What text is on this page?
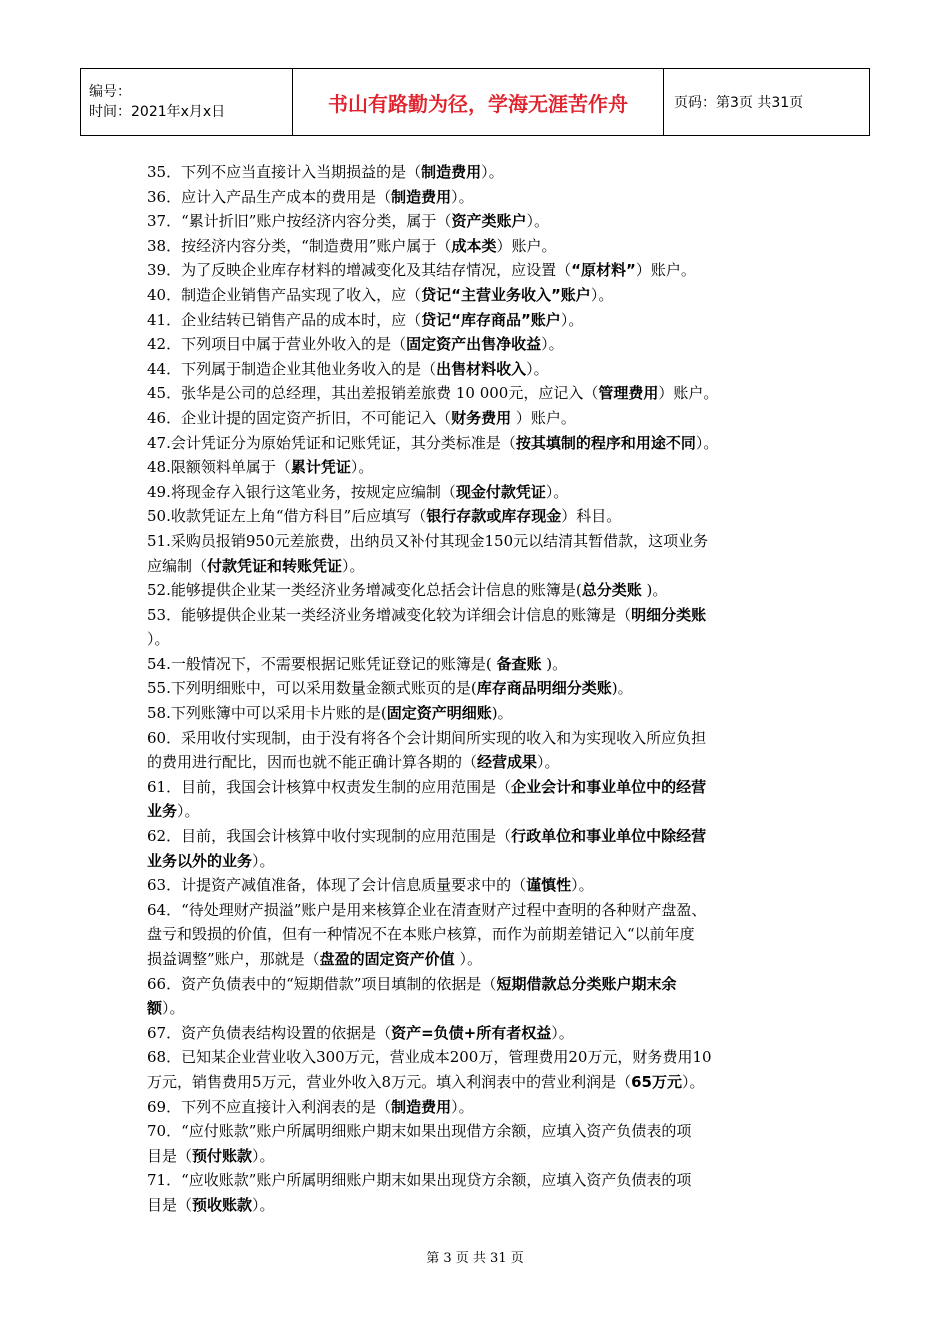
编号：
时间：2021年x月x日	书山有路勤为径，学海无涯苦作舟	页码：第3页 共31页
35．下列不应当直接计入当期损益的是（制造费用）。
36．应计入产品生产成本的费用是（制造费用）。
37．“累计折旧”账户按经济内容分类，属于（资产类账户）。
38．按经济内容分类，“制造费用”账户属于（成本类）账户。
39．为了反映企业库存材料的增减变化及其结存情况，应设置（“原材料”）账户。
40．制造企业销售产品实现了收入，应（贷记“主营业务收入”账户）。
41．企业结转已销售产品的成本时，应（贷记“库存商品”账户）。
42．下列项目中属于营业外收入的是（固定资产出售净收益）。
44．下列属于制造企业其他业务收入的是（出售材料收入）。
45．张华是公司的总经理，其出差报销差旅费 10 000元，应记入（管理费用）账户。
46．企业计提的固定资产折旧，不可能记入（财务费用 ）账户。
47.会计凭证分为原始凭证和记账凭证，其分类标准是（按其填制的程序和用途不同）。
48.限额领料单属于（累计凭证）。
49.将现金存入银行这笔业务，按规定应编制（现金付款凭证）。
50.收款凭证左上角“借方科目”后应填写（银行存款或库存现金）科目。
51.采购员报销950元差旅费，出纳员又补付其现金150元以结清其暂借款，这项业务
应编制（付款凭证和转账凭证）。
52.能够提供企业某一类经济业务增减变化总括会计信息的账簿是(总分类账 )。
53．能够提供企业某一类经济业务增减变化较为详细会计信息的账簿是（明细分类账
）。
54.一般情况下，不需要根据记账凭证登记的账簿是( 备查账 )。
55.下列明细账中，可以采用数量金额式账页的是(库存商品明细分类账)。
58.下列账簿中可以采用卡片账的是(固定资产明细账)。
60．采用收付实现制，由于没有将各个会计期间所实现的收入和为实现收入所应负担
的费用进行配比，因而也就不能正确计算各期的（经营成果）。
61．目前，我国会计核算中权责发生制的应用范围是（企业会计和事业单位中的经营
业务）。
62．目前，我国会计核算中收付实现制的应用范围是（行政单位和事业单位中除经营
业务以外的业务）。
63．计提资产减值准备，体现了会计信息质量要求中的（谨慎性）。
64．“待处理财产损溢”账户是用来核算企业在清查财产过程中查明的各种财产盘盈、
盘亏和毁损的价值，但有一种情况不在本账户核算，而作为前期差错记入“以前年度
损益调整”账户，那就是（盘盈的固定资产价值 ）。
66．资产负债表中的“短期借款”项目填制的依据是（短期借款总分类账户期末余
额）。
67．资产负债表结构设置的依据是（资产=负债+所有者权益）。
68．已知某企业营业收入300万元，营业成本200万，管理费用20万元，财务费用10
万元，销售费用5万元，营业外收入8万元。填入利润表中的营业利润是（65万元）。
69．下列不应直接计入利润表的是（制造费用）。
70．“应付账款”账户所属明细账户期末如果出现借方余额，应填入资产负债表的项
目是（预付账款）。
71．“应收账款”账户所属明细账户期末如果出现贷方余额，应填入资产负债表的项
目是（预收账款）。
第 3 页 共 31 页
